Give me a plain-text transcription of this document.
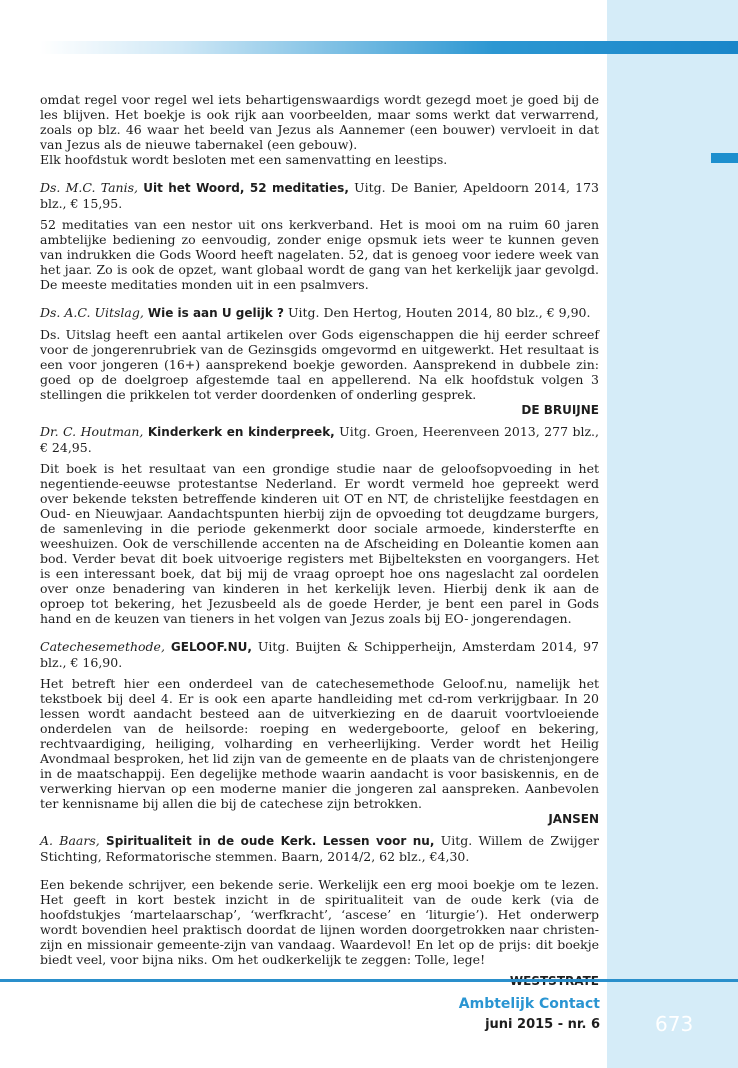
omdat regel voor regel wel iets behartigenswaardigs wordt gezegd moet je goed bij de les blijven. Het boekje is ook rijk aan voorbeelden, maar soms werkt dat verwarrend, zoals op blz. 46 waar het beeld van Jezus als Aannemer (een bouwer) vervloeit in dat van Jezus als de nieuwe tabernakel (een gebouw).

Elk hoofdstuk wordt besloten met een samenvatting en leestips.

Ds. M.C. Tanis, Uit het Woord, 52 meditaties, Uitg. De Banier, Apeldoorn 2014, 173 blz., € 15,95.

52 meditaties van een nestor uit ons kerkverband. Het is mooi om na ruim 60 jaren ambtelijke bediening zo eenvoudig, zonder enige opsmuk iets weer te kunnen geven van indrukken die Gods Woord heeft nagelaten. 52, dat is genoeg voor iedere week van het jaar. Zo is ook de opzet, want globaal wordt de gang van het kerkelijk jaar gevolgd. De meeste meditaties monden uit in een psalmvers.

Ds. A.C. Uitslag, Wie is aan U gelijk ? Uitg. Den Hertog, Houten 2014, 80 blz., € 9,90.

Ds. Uitslag heeft een aantal artikelen over Gods eigenschappen die hij eerder schreef voor de jongerenrubriek van de Gezinsgids omgevormd en uitgewerkt. Het resultaat is een voor jongeren (16+) aansprekend boekje geworden. Aansprekend in dubbele zin: goed op de doelgroep afgestemde taal en appellerend. Na elk hoofdstuk volgen 3 stellingen die prikkelen tot verder doordenken of onderling gesprek.

DE BRUIJNE

Dr. C. Houtman, Kinderkerk en kinderpreek, Uitg. Groen, Heerenveen 2013, 277 blz., € 24,95.

Dit boek is het resultaat van een grondige studie naar de geloofsopvoeding in het negentiende-eeuwse protestantse Nederland. Er wordt vermeld hoe gepreekt werd over bekende teksten betreffende kinderen uit OT en NT, de christelijke feestdagen en Oud- en Nieuwjaar. Aandachtspunten hierbij zijn de opvoeding tot deugdzame burgers, de samenleving in die periode gekenmerkt door sociale armoede, kindersterfte en weeshuizen. Ook de verschillende accenten na de Afscheiding en Doleantie komen aan bod. Verder bevat dit boek uitvoerige registers met Bijbelteksten en voorgangers. Het is een interessant boek, dat bij mij de vraag oproept hoe ons nageslacht zal oordelen over onze benadering van kinderen in het kerkelijk leven. Hierbij denk ik aan de oproep tot bekering, het Jezusbeeld als de goede Herder, je bent een parel in Gods hand en de keuzen van tieners in het volgen van Jezus zoals bij EO- jongerendagen.

Catechesemethode, GELOOF.NU, Uitg. Buijten & Schipperheijn, Amsterdam 2014, 97 blz., € 16,90.

Het betreft hier een onderdeel van de catechesemethode Geloof.nu, namelijk het tekstboek bij deel 4. Er is ook een aparte handleiding met cd-rom verkrijgbaar. In 20 lessen wordt aandacht besteed aan de uitverkiezing en de daaruit voortvloeiende onderdelen van de heilsorde: roeping en wedergeboorte, geloof en bekering, rechtvaardiging, heiliging, volharding en verheerlijking. Verder wordt het Heilig Avondmaal besproken, het lid zijn van de gemeente en de plaats van de christenjongere in de maatschappij. Een degelijke methode waarin aandacht is voor basiskennis, en de verwerking hiervan op een moderne manier die jongeren zal aanspreken. Aanbevolen ter kennisname bij allen die bij de catechese zijn betrokken.

JANSEN

A. Baars, Spiritualiteit in de oude Kerk. Lessen voor nu, Uitg. Willem de Zwijger Stichting, Reformatorische stemmen. Baarn, 2014/2, 62 blz., €4,30.

Een bekende schrijver, een bekende serie. Werkelijk een erg mooi boekje om te lezen. Het geeft in kort bestek inzicht in de spiritualiteit van de oude kerk (via de hoofdstukjes ‘martelaarschap’, ‘werfkracht’, ‘ascese’ en ‘liturgie’). Het onderwerp wordt bovendien heel praktisch doordat de lijnen worden doorgetrokken naar christen-zijn en missionair gemeente-zijn van vandaag. Waardevol! En let op de prijs: dit boekje biedt veel, voor bijna niks. Om het oudkerkelijk te zeggen: Tolle, lege!

Ambtelijk Contact
juni 2015 - nr. 6	673
